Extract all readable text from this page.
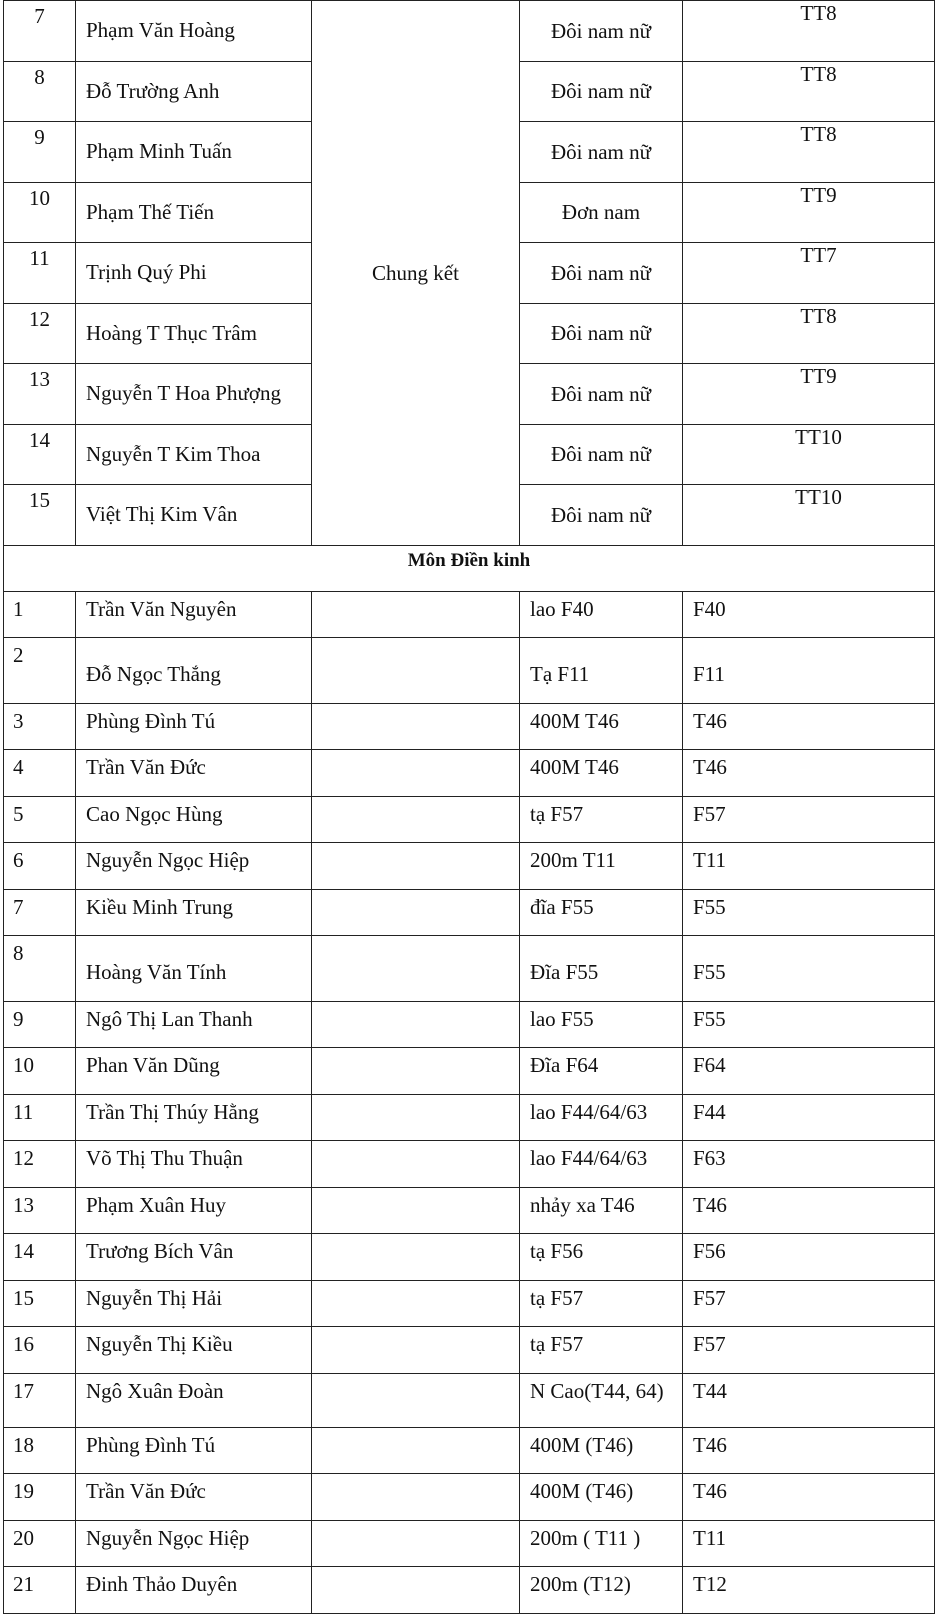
7	Phạm Văn Hoàng	Chung kết	Đôi nam nữ	TT8
8	Đỗ Trường Anh		Đôi nam nữ	TT8
9	Phạm Minh Tuấn		Đôi nam nữ	TT8
10	Phạm Thế Tiến		Đơn nam	TT9
11	Trịnh Quý Phi		Đôi nam nữ	TT7
12	Hoàng T Thục Trâm		Đôi nam nữ	TT8
13	Nguyễn T Hoa Phượng		Đôi nam nữ	TT9
14	Nguyễn T Kim Thoa		Đôi nam nữ	TT10
15	Việt Thị Kim Vân		Đôi nam nữ	TT10
Môn Điền kinh				
1	Trần Văn Nguyên		lao F40	F40
2	Đỗ Ngọc Thắng		Tạ F11	F11
3	Phùng Đình Tú		400M T46	T46
4	Trần Văn Đức		400M T46	T46
5	Cao Ngọc Hùng		tạ F57	F57
6	Nguyễn Ngọc Hiệp		200m T11	T11
7	Kiều Minh Trung		đĩa F55	F55
8	Hoàng Văn Tính		Đĩa F55	F55
9	Ngô Thị Lan Thanh		lao F55	F55
10	Phan Văn Dũng		Đĩa F64	F64
11	Trần Thị Thúy Hằng		lao F44/64/63	F44
12	Võ Thị Thu Thuận		lao F44/64/63	F63
13	Phạm Xuân Huy		nhảy xa T46	T46
14	Trương Bích Vân		tạ F56	F56
15	Nguyễn Thị Hải		tạ F57	F57
16	Nguyễn Thị Kiều		tạ F57	F57
17	Ngô Xuân Đoàn		N Cao(T44, 64)	T44
18	Phùng Đình Tú		400M (T46)	T46
19	Trần Văn Đức		400M (T46)	T46
20	Nguyễn Ngọc Hiệp		200m ( T11 )	T11
21	Đinh Thảo Duyên		200m (T12)	T12
